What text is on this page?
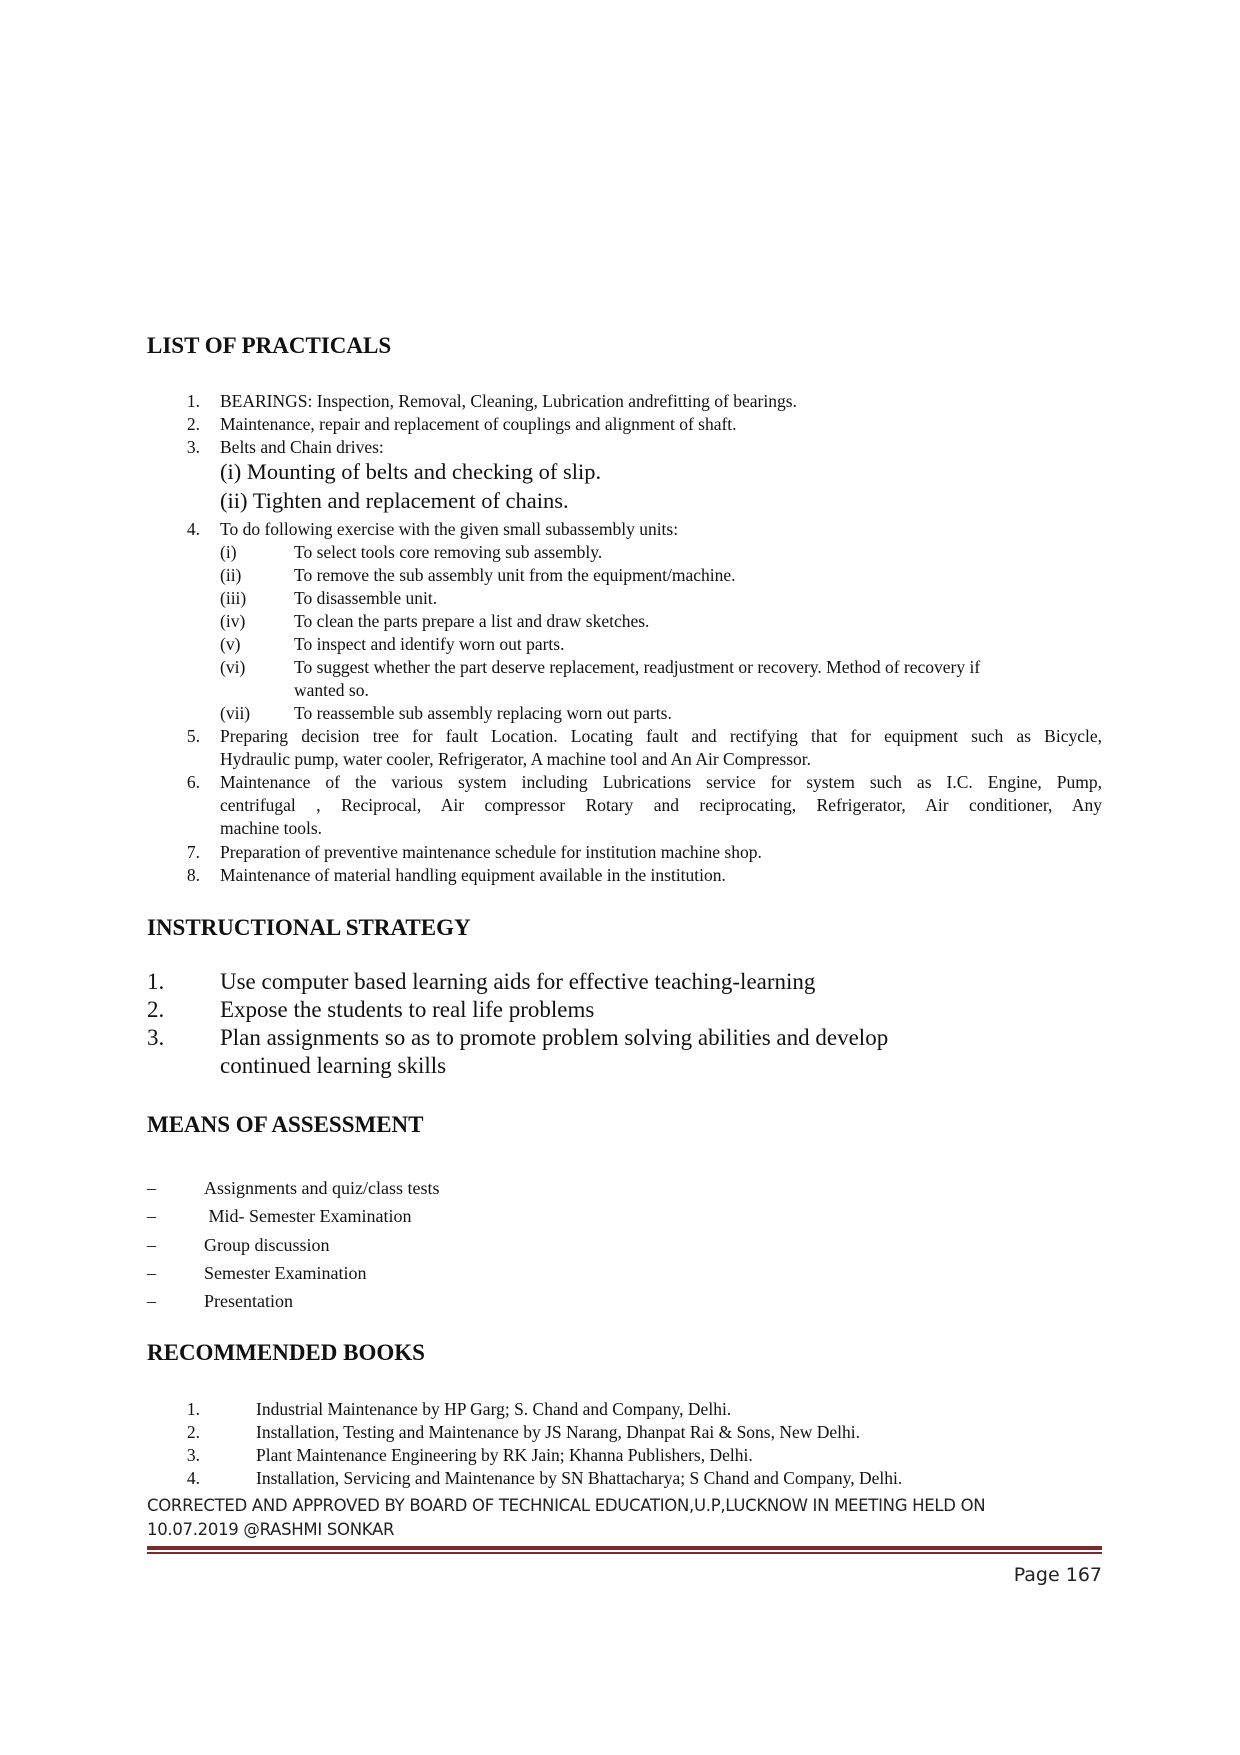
LIST OF PRACTICALS
1. BEARINGS: Inspection, Removal, Cleaning, Lubrication andrefitting of bearings.
2. Maintenance, repair and replacement of couplings and alignment of shaft.
3. Belts and Chain drives:
(i) Mounting of belts and checking of slip.
(ii) Tighten and replacement of chains.
4. To do following exercise with the given small subassembly units:
(i)	To select tools core removing sub assembly.
(ii)	To remove the sub assembly unit from the equipment/machine.
(iii)	To disassemble unit.
(iv)	To clean the parts prepare a list and draw sketches.
(v)	To inspect and identify worn out parts.
(vi)	To suggest whether the part deserve replacement, readjustment or recovery. Method of recovery if
wanted so.
(vii)	To reassemble sub assembly replacing worn out parts.
5. Preparing decision tree for fault Location. Locating fault and rectifying that for equipment such as Bicycle,
Hydraulic pump, water cooler, Refrigerator, A machine tool and An Air Compressor.
6. Maintenance of the various system including Lubrications service for system such as I.C. Engine, Pump,
centrifugal , Reciprocal, Air compressor Rotary and reciprocating, Refrigerator, Air conditioner, Any
machine tools.
7. Preparation of preventive maintenance schedule for institution machine shop.
8. Maintenance of material handling equipment available in the institution.
INSTRUCTIONAL STRATEGY
1. Use computer based learning aids for effective teaching-learning
2. Expose the students to real life problems
3. Plan assignments so as to promote problem solving abilities and develop
continued learning skills
MEANS OF ASSESSMENT
–	Assignments and quiz/class tests
–	Mid- Semester Examination
–	Group discussion
–	Semester Examination
–	Presentation
RECOMMENDED BOOKS
1.	Industrial Maintenance by HP Garg; S. Chand and Company, Delhi.
2.	Installation, Testing and Maintenance by JS Narang, Dhanpat Rai & Sons, New Delhi.
3.	Plant Maintenance Engineering by RK Jain; Khanna Publishers, Delhi.
4.	Installation, Servicing and Maintenance by SN Bhattacharya; S Chand and Company, Delhi.
CORRECTED AND APPROVED BY BOARD OF TECHNICAL EDUCATION,U.P,LUCKNOW IN MEETING HELD ON
10.07.2019 @RASHMI SONKAR
Page 167
